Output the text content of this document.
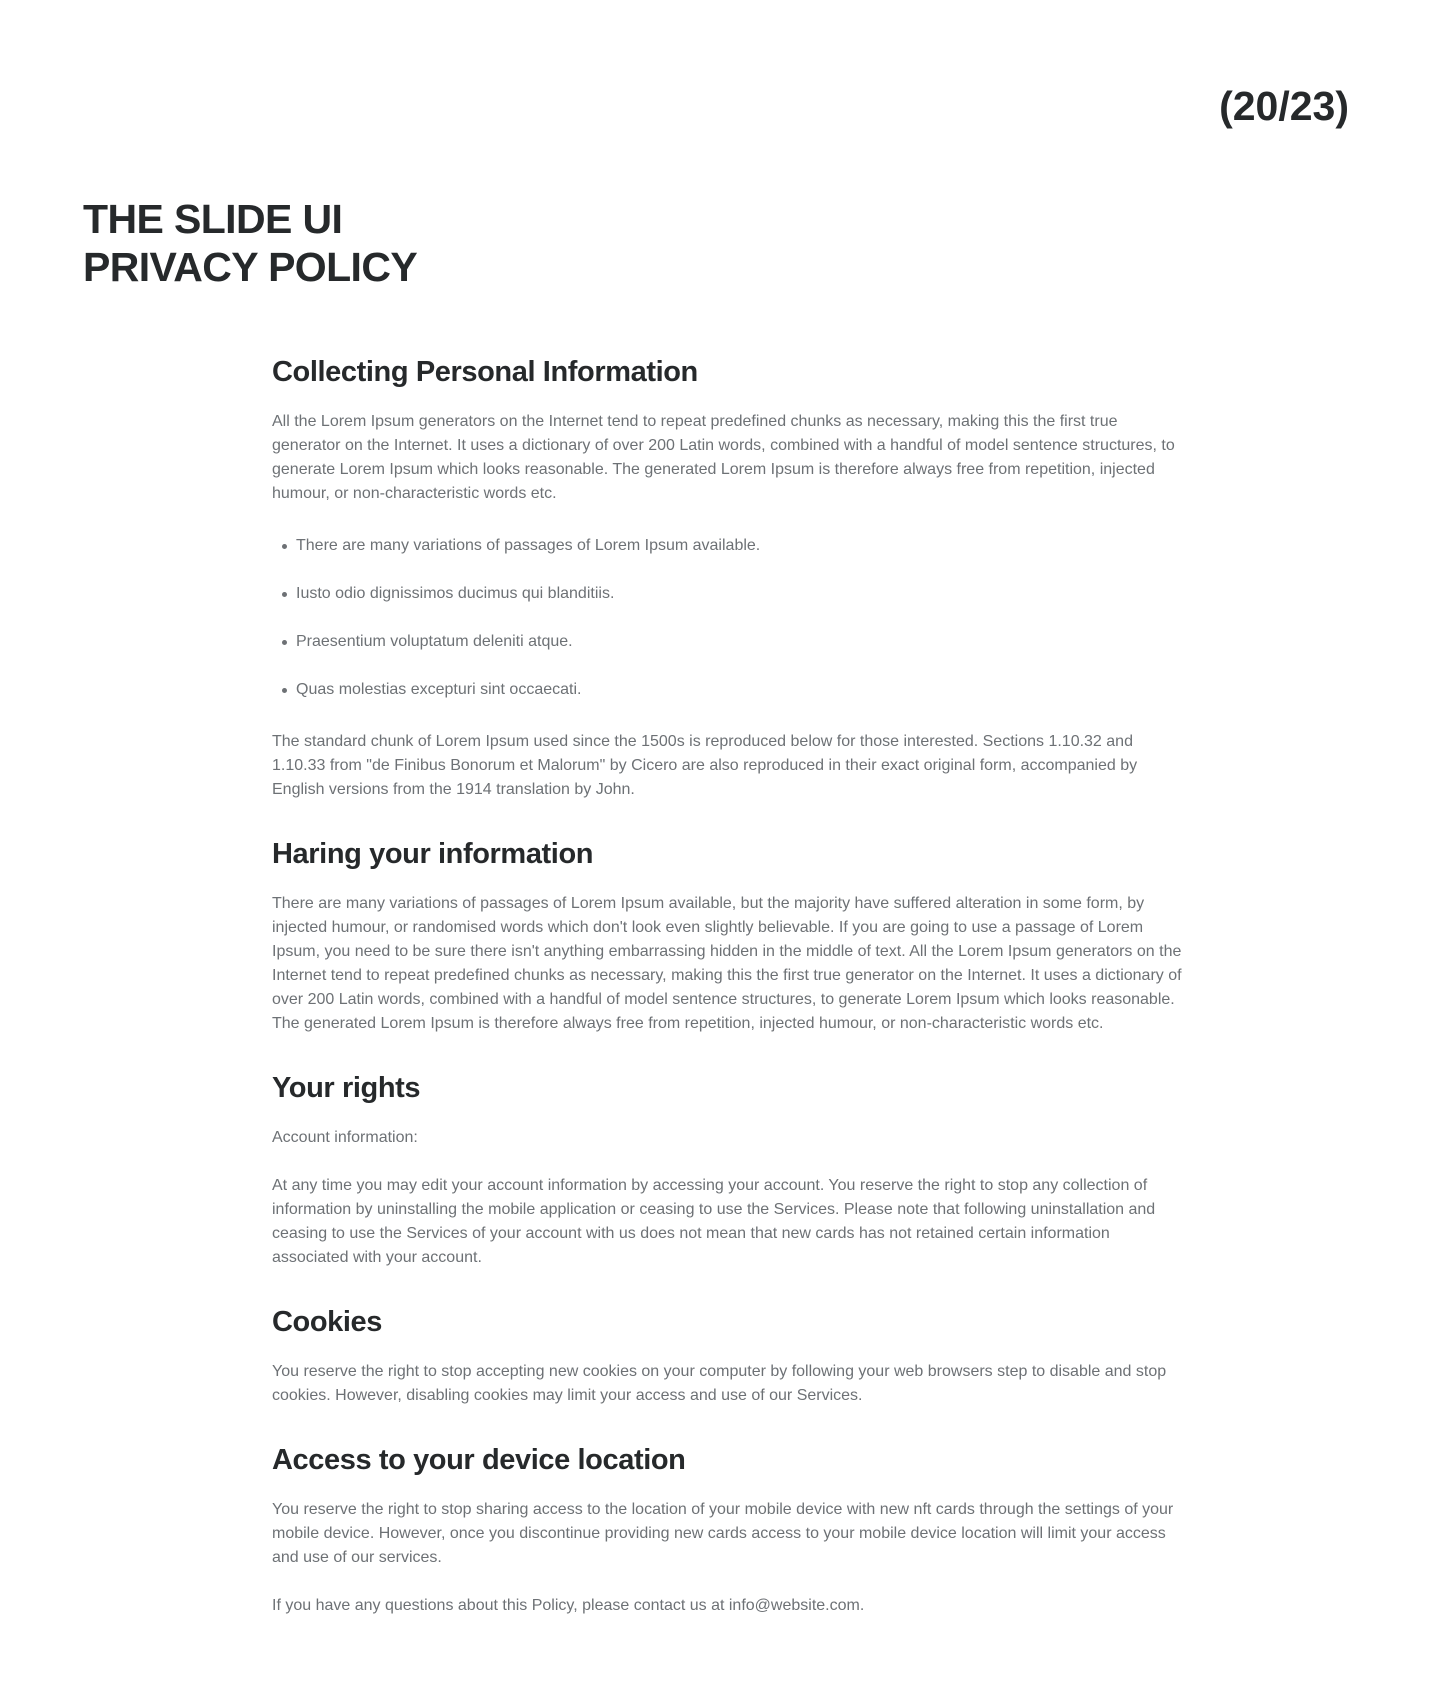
(20/23)
THE SLIDE UI
PRIVACY POLICY
Collecting Personal Information

All the Lorem Ipsum generators on the Internet tend to repeat predefined chunks as necessary, making this the first true generator on the Internet. It uses a dictionary of over 200 Latin words, combined with a handful of model sentence structures, to generate Lorem Ipsum which looks reasonable. The generated Lorem Ipsum is therefore always free from repetition, injected humour, or non-characteristic words etc.

There are many variations of passages of Lorem Ipsum available.
Iusto odio dignissimos ducimus qui blanditiis.
Praesentium voluptatum deleniti atque.
Quas molestias excepturi sint occaecati.

The standard chunk of Lorem Ipsum used since the 1500s is reproduced below for those interested. Sections 1.10.32 and 1.10.33 from "de Finibus Bonorum et Malorum" by Cicero are also reproduced in their exact original form, accompanied by English versions from the 1914 translation by John.

Haring your information

There are many variations of passages of Lorem Ipsum available, but the majority have suffered alteration in some form, by injected humour, or randomised words which don't look even slightly believable. If you are going to use a passage of Lorem Ipsum, you need to be sure there isn't anything embarrassing hidden in the middle of text. All the Lorem Ipsum generators on the Internet tend to repeat predefined chunks as necessary, making this the first true generator on the Internet. It uses a dictionary of over 200 Latin words, combined with a handful of model sentence structures, to generate Lorem Ipsum which looks reasonable. The generated Lorem Ipsum is therefore always free from repetition, injected humour, or non-characteristic words etc.

Your rights

Account information:

At any time you may edit your account information by accessing your account. You reserve the right to stop any collection of information by uninstalling the mobile application or ceasing to use the Services. Please note that following uninstallation and ceasing to use the Services of your account with us does not mean that new cards has not retained certain information associated with your account.

Cookies

You reserve the right to stop accepting new cookies on your computer by following your web browsers step to disable and stop cookies. However, disabling cookies may limit your access and use of our Services.

Access to your device location

You reserve the right to stop sharing access to the location of your mobile device with new nft cards through the settings of your mobile device. However, once you discontinue providing new cards access to your mobile device location will limit your access and use of our services.

If you have any questions about this Policy, please contact us at info@website.com.
